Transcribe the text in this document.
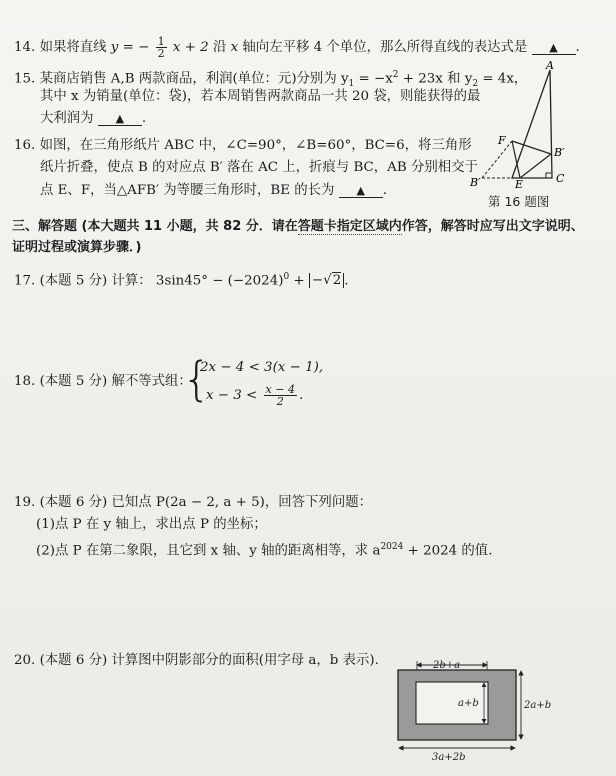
14. 如果将直线 y = − $\frac{1}{2}$ x + 2 沿 x 轴向左平移 4 个单位，那么所得直线的表达式是 ▲ .
15. 某商店销售 A,B 两款商品，利润(单位：元)分别为 $y_1 = -x^2 + 23x$ 和 $y_2 = 4x$，
其中 x 为销量(单位：袋)，若本周销售两款商品一共 20 袋，则能获得的最
大利润为 ▲ .
16. 如图，在三角形纸片 ABC 中，∠C=90°，∠B=60°，BC=6，将三角形
纸片折叠，使点 B 的对应点 B′ 落在 AC 上，折痕与 BC，AB 分别相交于
点 E、F，当△AFB′ 为等腰三角形时，BE 的长为 ▲ .
A
F
B′
B′	E	C
第 16 题图
三、解答题 (本大题共 11 小题，共 82 分．请在答题卡指定区域内作答，解答时应写出文字说明、
证明过程或演算步骤．)
17. (本题 5 分) 计算： $3\sin 45^\circ - (-2024)^0 + -√2$ .
18. (本题 5 分) 解不等式组：
{
2x − 4 < 3(x − 1),
$x - 3 < \frac{x - 4}{2}$ .
19. (本题 6 分) 已知点 P(2a − 2, a + 5)，回答下列问题：
(1)点 P 在 y 轴上，求出点 P 的坐标；
(2)点 P 在第二象限，且它到 x 轴、y 轴的距离相等，求 $a^{2024} + 2024$ 的值.
20. (本题 6 分) 计算图中阴影部分的面积(用字母 a，b 表示).	2b+a
a+b	2a+b
3a+2b
